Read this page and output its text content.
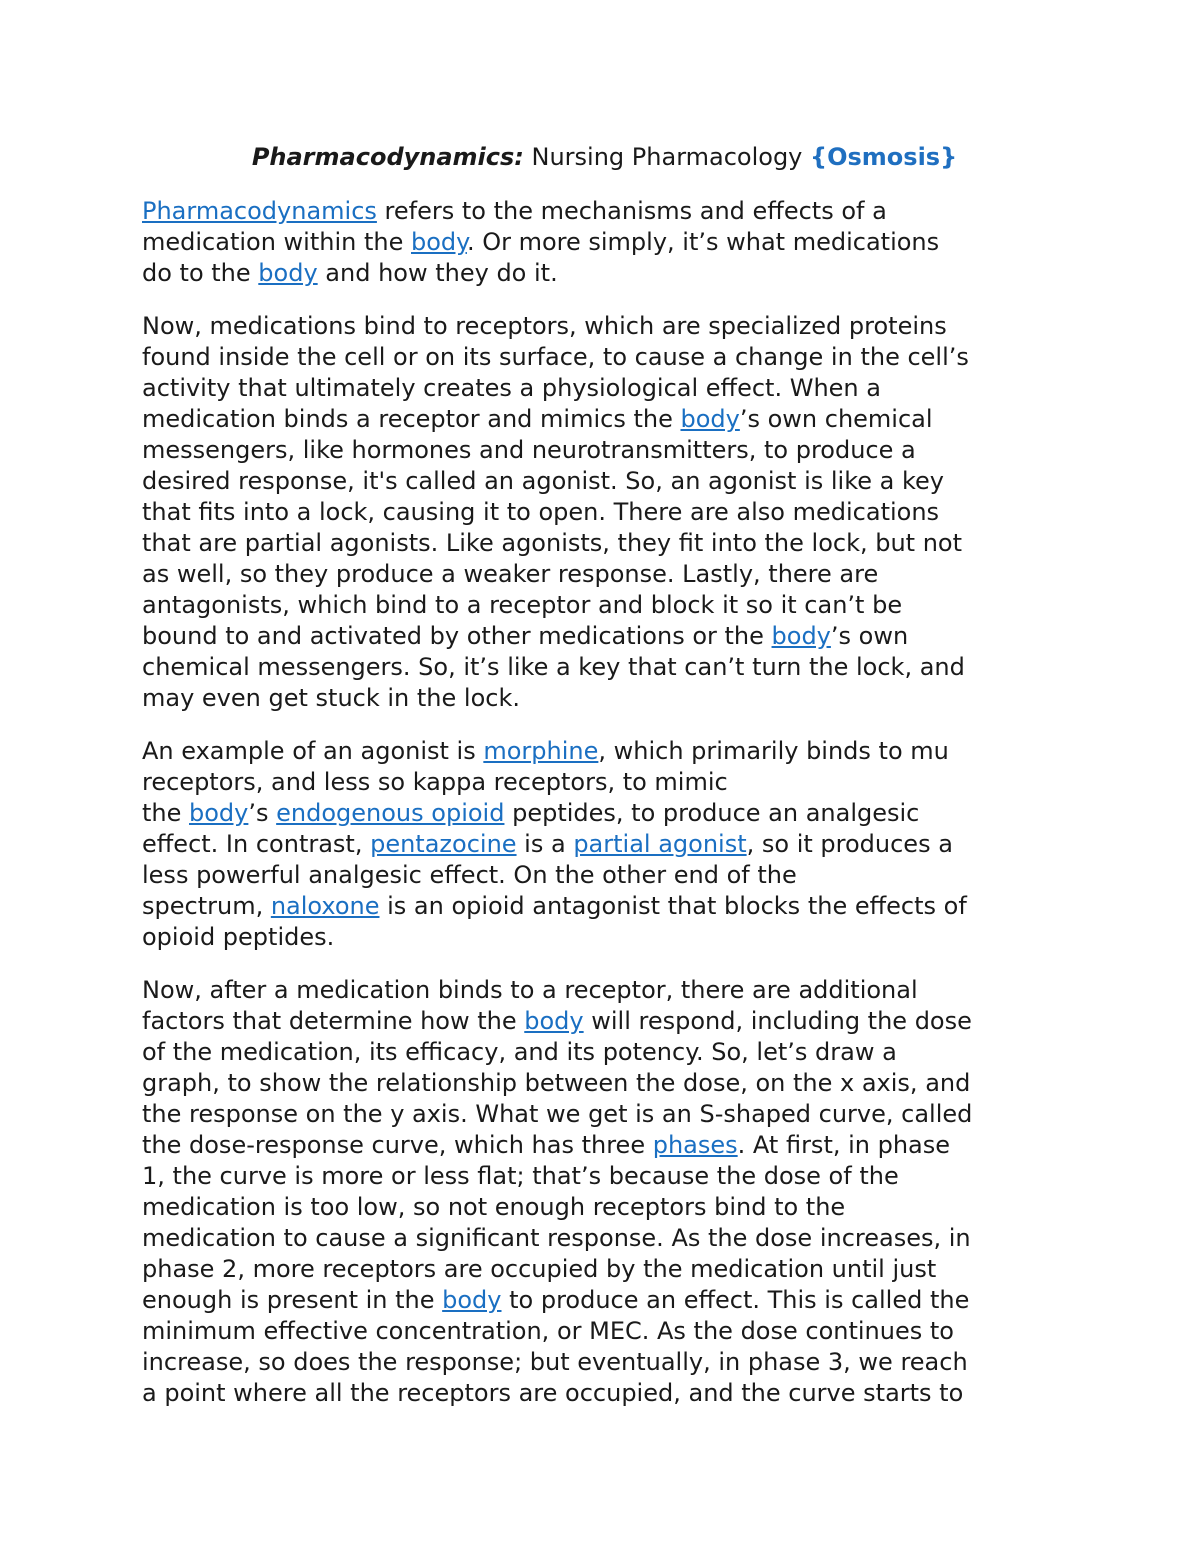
Pharmacodynamics: Nursing Pharmacology {Osmosis}

Pharmacodynamics refers to the mechanisms and effects of a
medication within the body. Or more simply, it’s what medications
do to the body and how they do it.

Now, medications bind to receptors, which are specialized proteins
found inside the cell or on its surface, to cause a change in the cell’s
activity that ultimately creates a physiological effect. When a
medication binds a receptor and mimics the body’s own chemical
messengers, like hormones and neurotransmitters, to produce a
desired response, it's called an agonist. So, an agonist is like a key
that fits into a lock, causing it to open. There are also medications
that are partial agonists. Like agonists, they fit into the lock, but not
as well, so they produce a weaker response. Lastly, there are
antagonists, which bind to a receptor and block it so it can’t be
bound to and activated by other medications or the body’s own
chemical messengers. So, it’s like a key that can’t turn the lock, and
may even get stuck in the lock.

An example of an agonist is morphine, which primarily binds to mu
receptors, and less so kappa receptors, to mimic
the body’s endogenous opioid peptides, to produce an analgesic
effect. In contrast, pentazocine is a partial agonist, so it produces a
less powerful analgesic effect. On the other end of the
spectrum, naloxone is an opioid antagonist that blocks the effects of
opioid peptides.

Now, after a medication binds to a receptor, there are additional
factors that determine how the body will respond, including the dose
of the medication, its efficacy, and its potency. So, let’s draw a
graph, to show the relationship between the dose, on the x axis, and
the response on the y axis. What we get is an S-shaped curve, called
the dose-response curve, which has three phases. At first, in phase
1, the curve is more or less flat; that’s because the dose of the
medication is too low, so not enough receptors bind to the
medication to cause a significant response. As the dose increases, in
phase 2, more receptors are occupied by the medication until just
enough is present in the body to produce an effect. This is called the
minimum effective concentration, or MEC. As the dose continues to
increase, so does the response; but eventually, in phase 3, we reach
a point where all the receptors are occupied, and the curve starts to
